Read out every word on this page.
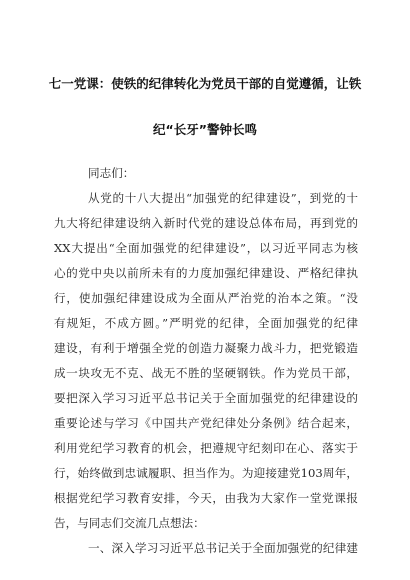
七一党课：使铁的纪律转化为党员干部的自觉遵循，让铁
纪“长牙”警钟长鸣
同志们：
从党的十八大提出“加强党的纪律建设”，到党的十
九大将纪律建设纳入新时代党的建设总体布局，再到党的
XX大提出“全面加强党的纪律建设”，以习近平同志为核
心的党中央以前所未有的力度加强纪律建设、严格纪律执
行，使加强纪律建设成为全面从严治党的治本之策。“没
有规矩，不成方圆。”严明党的纪律，全面加强党的纪律
建设，有利于增强全党的创造力凝聚力战斗力，把党锻造
成一块攻无不克、战无不胜的坚硬钢铁。作为党员干部，
要把深入学习习近平总书记关于全面加强党的纪律建设的
重要论述与学习《中国共产党纪律处分条例》结合起来，
利用党纪学习教育的机会，把遵规守纪刻印在心、落实于
行，始终做到忠诚履职、担当作为。为迎接建党103周年，
根据党纪学习教育安排，今天，由我为大家作一堂党课报
告，与同志们交流几点想法：
一、深入学习习近平总书记关于全面加强党的纪律建
